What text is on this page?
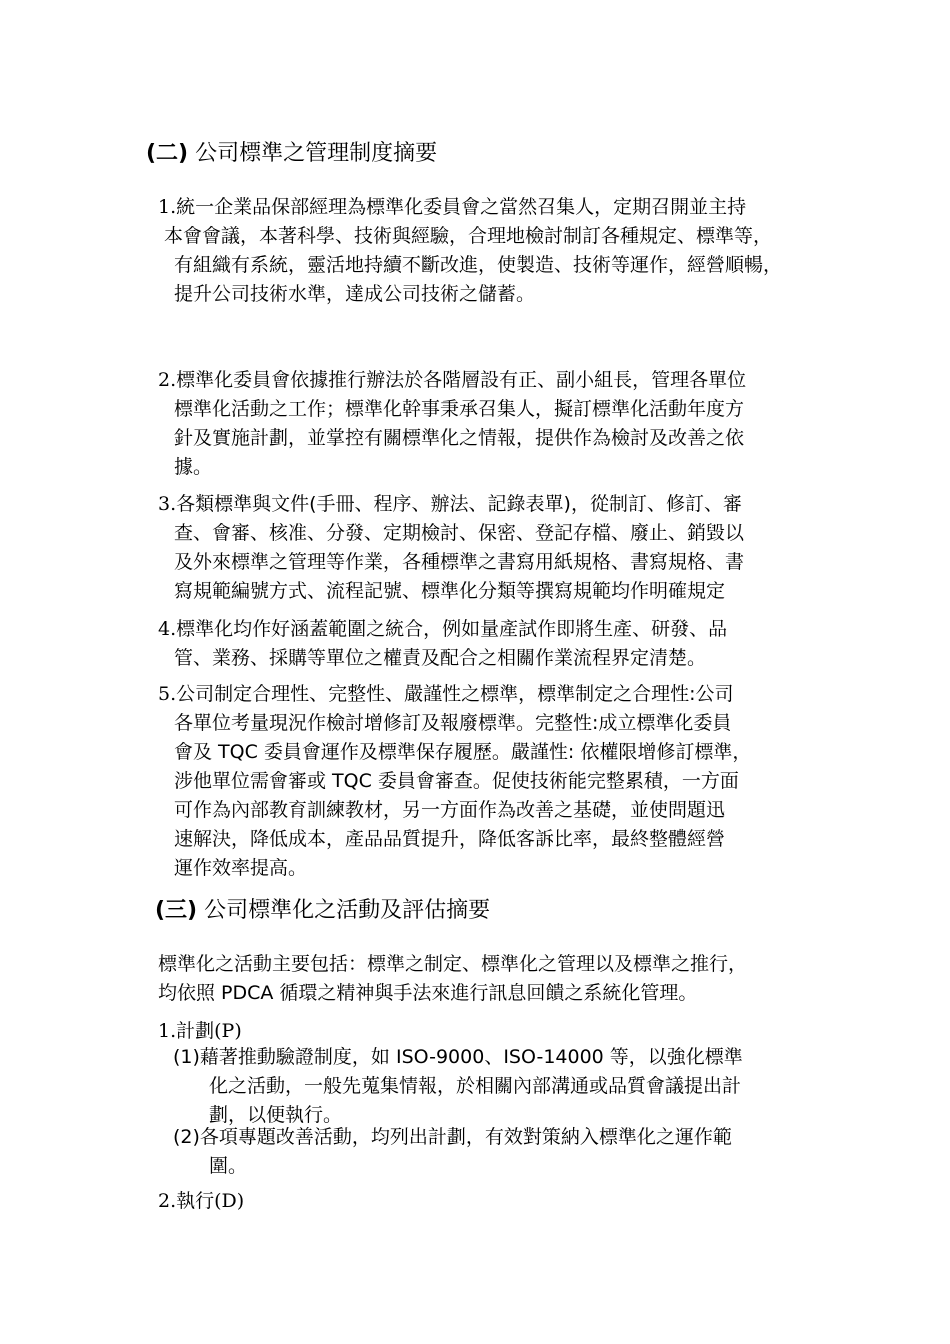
(二) 公司標準之管理制度摘要
1.統一企業品保部經理為標準化委員會之當然召集人，定期召開並主持
本會會議，本著科學、技術與經驗，合理地檢討制訂各種規定、標準等，
有組織有系統，靈活地持續不斷改進，使製造、技術等運作，經營順暢，
提升公司技術水準，達成公司技術之儲蓄。
2.標準化委員會依據推行辦法於各階層設有正、副小組長，管理各單位
標準化活動之工作；標準化幹事秉承召集人，擬訂標準化活動年度方
針及實施計劃，並掌控有關標準化之情報，提供作為檢討及改善之依
據。
3.各類標準與文件(手冊、程序、辦法、記錄表單)，從制訂、修訂、審
查、會審、核准、分發、定期檢討、保密、登記存檔、廢止、銷毀以
及外來標準之管理等作業，各種標準之書寫用紙規格、書寫規格、書
寫規範編號方式、流程記號、標準化分類等撰寫規範均作明確規定
4.標準化均作好涵蓋範圍之統合，例如量產試作即將生產、研發、品
管、業務、採購等單位之權責及配合之相關作業流程界定清楚。
5.公司制定合理性、完整性、嚴謹性之標準，標準制定之合理性:公司
各單位考量現況作檢討增修訂及報廢標準。完整性:成立標準化委員
會及 TQC 委員會運作及標準保存履歷。嚴謹性: 依權限增修訂標準，
涉他單位需會審或 TQC 委員會審查。促使技術能完整累積，一方面
可作為內部教育訓練教材，另一方面作為改善之基礎，並使問題迅
速解決，降低成本，產品品質提升，降低客訴比率，最終整體經營
運作效率提高。
(三) 公司標準化之活動及評估摘要
標準化之活動主要包括：標準之制定、標準化之管理以及標準之推行，
均依照 PDCA 循環之精神與手法來進行訊息回饋之系統化管理。
1.計劃(P)
(1)藉著推動驗證制度，如 ISO-9000、ISO-14000 等，以強化標準
化之活動，一般先蒐集情報，於相關內部溝通或品質會議提出計
劃，以便執行。
(2)各項專題改善活動，均列出計劃，有效對策納入標準化之運作範
圍。
2.執行(D)
